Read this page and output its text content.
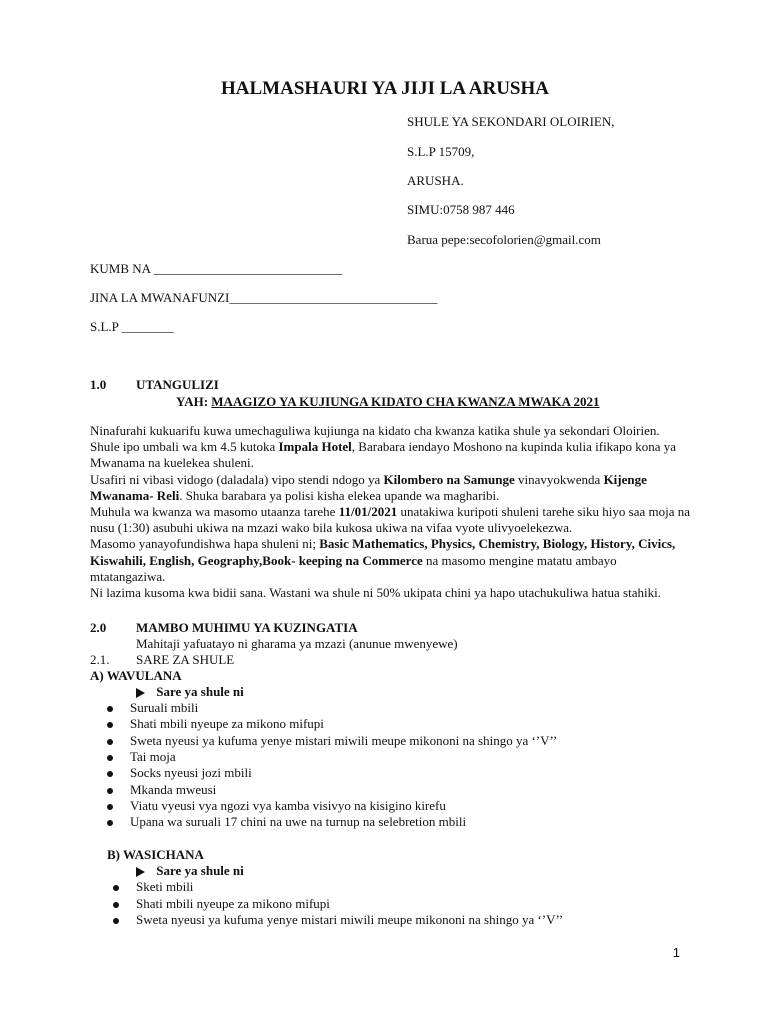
HALMASHAURI YA JIJI LA ARUSHA
SHULE YA SEKONDARI OLOIRIEN,
S.L.P 15709,
ARUSHA.
SIMU:0758 987 446
Barua pepe:secofolorien@gmail.com
KUMB NA _____________________________
JINA LA MWANAFUNZI________________________________
S.L.P ________
1.0 UTANGULIZI
YAH: MAAGIZO YA KUJIUNGA KIDATO CHA KWANZA MWAKA 2021

Ninafurahi kukuarifu kuwa umechaguliwa kujiunga na kidato cha kwanza katika shule ya sekondari Oloirien. Shule ipo umbali wa km 4.5 kutoka Impala Hotel, Barabara iendayo Moshono na kupinda kulia ifikapo kona ya Mwanama na kuelekea shuleni.

Usafiri ni vibasi vidogo (daladala) vipo stendi ndogo ya Kilombero na Samunge vinavyokwenda Kijenge Mwanama- Reli. Shuka barabara ya polisi kisha elekea upande wa magharibi.

Muhula wa kwanza wa masomo utaanza tarehe 11/01/2021 unatakiwa kuripoti shuleni tarehe siku hiyo saa moja na nusu (1:30) asubuhi ukiwa na mzazi wako bila kukosa ukiwa na vifaa vyote ulivyoelekezwa.

Masomo yanayofundishwa hapa shuleni ni; Basic Mathematics, Physics, Chemistry, Biology, History, Civics, Kiswahili, English, Geography,Book- keeping na Commerce na masomo mengine matatu ambayo mtatangaziwa.

Ni lazima kusoma kwa bidii sana. Wastani wa shule ni 50% ukipata chini ya hapo utachukuliwa hatua stahiki.

2.0 MAMBO MUHIMU YA KUZINGATIA
Mahitaji yafuatayo ni gharama ya mzazi (anunue mwenyewe)
2.1. SARE ZA SHULE
A) WAVULANA
Sare ya shule ni
Suruali mbili
Shati mbili nyeupe za mikono mifupi
Sweta nyeusi ya kufuma yenye mistari miwili meupe mikononi na shingo ya ‘’V’’
Tai moja
Socks nyeusi jozi mbili
Mkanda mweusi
Viatu vyeusi vya ngozi vya kamba visivyo na kisigino kirefu
Upana wa suruali 17 chini na uwe na turnup na selebretion mbili
B) WASICHANA
Sare ya shule ni
Sketi mbili
Shati mbili nyeupe za mikono mifupi
Sweta nyeusi ya kufuma yenye mistari miwili meupe mikononi na shingo ya ‘’V’’
1
